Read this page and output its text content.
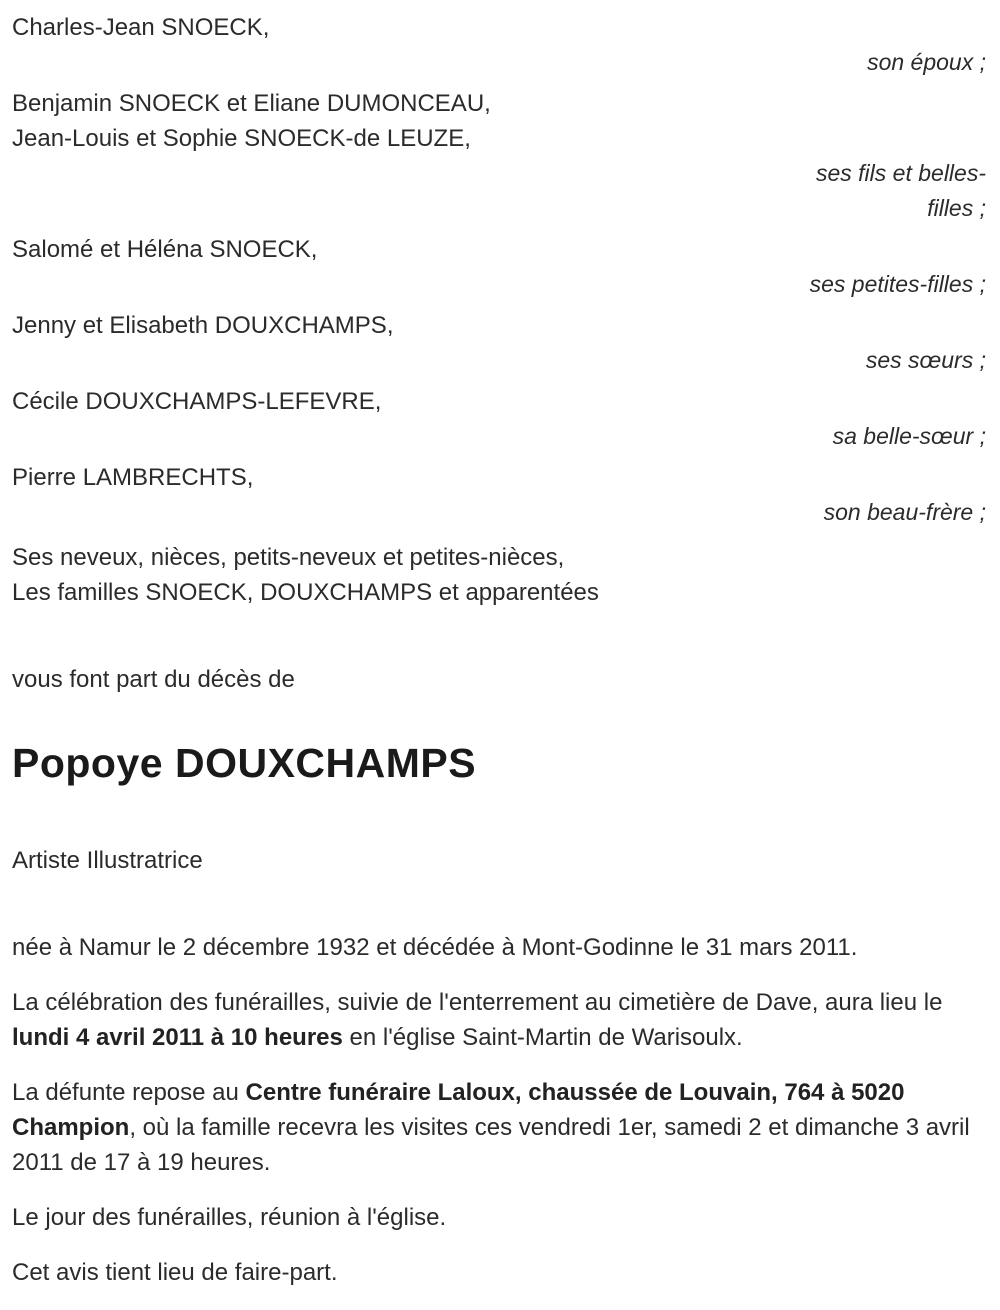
Charles-Jean SNOECK,
son époux ;
Benjamin SNOECK et Eliane DUMONCEAU,
Jean-Louis et Sophie SNOECK-de LEUZE,
ses fils et belles-filles ;
Salomé et Héléna SNOECK,
ses petites-filles ;
Jenny et Elisabeth DOUXCHAMPS,
ses sœurs ;
Cécile DOUXCHAMPS-LEFEVRE,
sa belle-sœur ;
Pierre LAMBRECHTS,
son beau-frère ;
Ses neveux, nièces, petits-neveux et petites-nièces,
Les familles SNOECK, DOUXCHAMPS et apparentées
vous font part du décès de
Popoye DOUXCHAMPS
Artiste Illustratrice
née à Namur le 2 décembre 1932 et décédée à Mont-Godinne le 31 mars 2011.
La célébration des funérailles, suivie de l'enterrement au cimetière de Dave, aura lieu le lundi 4 avril 2011 à 10 heures en l'église Saint-Martin de Warisoulx.
La défunte repose au Centre funéraire Laloux, chaussée de Louvain, 764 à 5020 Champion, où la famille recevra les visites ces vendredi 1er, samedi 2 et dimanche 3 avril 2011 de 17 à 19 heures.
Le jour des funérailles, réunion à l'église.
Cet avis tient lieu de faire-part.
